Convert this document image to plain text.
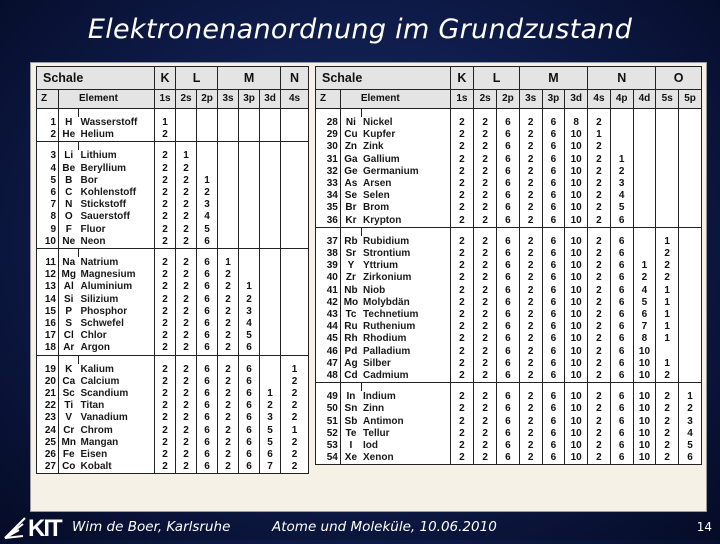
Elektronenanordnung im Grundzustand
Schale			K	L		M			N
Z	Element		1s	2s	2p	3s	3p	3d	4s

1	H	Wasserstoff	1						
2	He	Helium	2						

3	Li	Lithium	2	1					
4	Be	Beryllium	2	2					
5	B	Bor	2	2	1				
6	C	Kohlenstoff	2	2	2				
7	N	Stickstoff	2	2	3				
8	O	Sauerstoff	2	2	4				
9	F	Fluor	2	2	5				
10	Ne	Neon	2	2	6				

11	Na	Natrium	2	2	6	1			
12	Mg	Magnesium	2	2	6	2			
13	Al	Aluminium	2	2	6	2	1		
14	Si	Silizium	2	2	6	2	2		
15	P	Phosphor	2	2	6	2	3		
16	S	Schwefel	2	2	6	2	4		
17	Cl	Chlor	2	2	6	2	5		
18	Ar	Argon	2	2	6	2	6		

19	K	Kalium	2	2	6	2	6		1
20	Ca	Calcium	2	2	6	2	6		2
21	Sc	Scandium	2	2	6	2	6	1	2
22	Ti	Titan	2	2	6	2	6	2	2
23	V	Vanadium	2	2	6	2	6	3	2
24	Cr	Chrom	2	2	6	2	6	5	1
25	Mn	Mangan	2	2	6	2	6	5	2
26	Fe	Eisen	2	2	6	2	6	6	2
27	Co	Kobalt	2	2	6	2	6	7	2
Schale			K	L		M			N			O	
Z	Element		1s	2s	2p	3s	3p	3d	4s	4p	4d	5s	5p

28	Ni	Nickel	2	2	6	2	6	8	2				
29	Cu	Kupfer	2	2	6	2	6	10	1				
30	Zn	Zink	2	2	6	2	6	10	2				
31	Ga	Gallium	2	2	6	2	6	10	2	1			
32	Ge	Germanium	2	2	6	2	6	10	2	2			
33	As	Arsen	2	2	6	2	6	10	2	3			
34	Se	Selen	2	2	6	2	6	10	2	4			
35	Br	Brom	2	2	6	2	6	10	2	5			
36	Kr	Krypton	2	2	6	2	6	10	2	6			

37	Rb	Rubidium	2	2	6	2	6	10	2	6		1	
38	Sr	Strontium	2	2	6	2	6	10	2	6		2	
39	Y	Yttrium	2	2	6	2	6	10	2	6	1	2	
40	Zr	Zirkonium	2	2	6	2	6	10	2	6	2	2	
41	Nb	Niob	2	2	6	2	6	10	2	6	4	1	
42	Mo	Molybdän	2	2	6	2	6	10	2	6	5	1	
43	Tc	Technetium	2	2	6	2	6	10	2	6	6	1	
44	Ru	Ruthenium	2	2	6	2	6	10	2	6	7	1	
45	Rh	Rhodium	2	2	6	2	6	10	2	6	8	1	
46	Pd	Palladium	2	2	6	2	6	10	2	6	10		
47	Ag	Silber	2	2	6	2	6	10	2	6	10	1	
48	Cd	Cadmium	2	2	6	2	6	10	2	6	10	2	

49	In	Indium	2	2	6	2	6	10	2	6	10	2	1
50	Sn	Zinn	2	2	6	2	6	10	2	6	10	2	2
51	Sb	Antimon	2	2	6	2	6	10	2	6	10	2	3
52	Te	Tellur	2	2	6	2	6	10	2	6	10	2	4
53	I	Iod	2	2	6	2	6	10	2	6	10	2	5
54	Xe	Xenon	2	2	6	2	6	10	2	6	10	2	6
KIT Wim de Boer, Karlsruhe	Atome und Moleküle, 10.06.2010	14
